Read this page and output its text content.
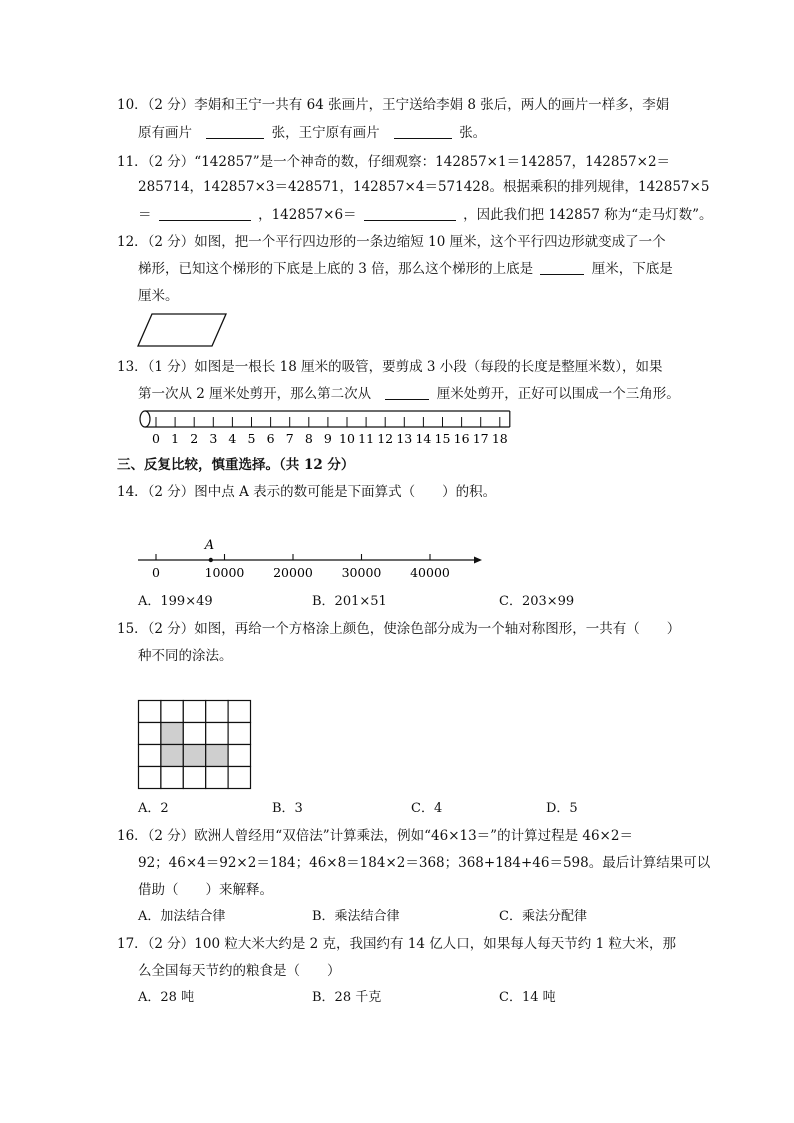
10．（2 分）李娟和王宁一共有 64 张画片，王宁送给李娟 8 张后，两人的画片一样多，李娟
原有画片	张，王宁原有画片	张。
11．（2 分）“142857”是一个神奇的数，仔细观察：142857×1＝142857，142857×2＝
285714，142857×3＝428571，142857×4＝571428。根据乘积的排列规律，142857×5
＝	，142857×6＝	，因此我们把 142857 称为“走马灯数”。
12．（2 分）如图，把一个平行四边形的一条边缩短 10 厘米，这个平行四边形就变成了一个
梯形，已知这个梯形的下底是上底的 3 倍，那么这个梯形的上底是	厘米，下底是
厘米。
13．（1 分）如图是一根长 18 厘米的吸管，要剪成 3 小段（每段的长度是整厘米数），如果
第一次从 2 厘米处剪开，那么第二次从	厘米处剪开，正好可以围成一个三角形。
0 1 2 3 4 5 6 7 8 9 10 11 12 13 14 15 16 17 18
三、反复比较，慎重选择。（共 12 分）
14．（2 分）图中点 A 表示的数可能是下面算式（　　）的积。
0	10000 20000 30000 40000
A
A．199×49	B．201×51	C．203×99
15．（2 分）如图，再给一个方格涂上颜色，使涂色部分成为一个轴对称图形，一共有（　　）
种不同的涂法。
A．2	B．3	C．4	D．5
16．（2 分）欧洲人曾经用“双倍法”计算乘法，例如“46×13＝”的计算过程是 46×2＝
92；46×4＝92×2＝184；46×8＝184×2＝368；368+184+46＝598。最后计算结果可以
借助（　　）来解释。
A．加法结合律	B．乘法结合律	C．乘法分配律
17．（2 分）100 粒大米大约是 2 克，我国约有 14 亿人口，如果每人每天节约 1 粒大米，那
么全国每天节约的粮食是（　　）
A．28 吨	B．28 千克	C．14 吨
